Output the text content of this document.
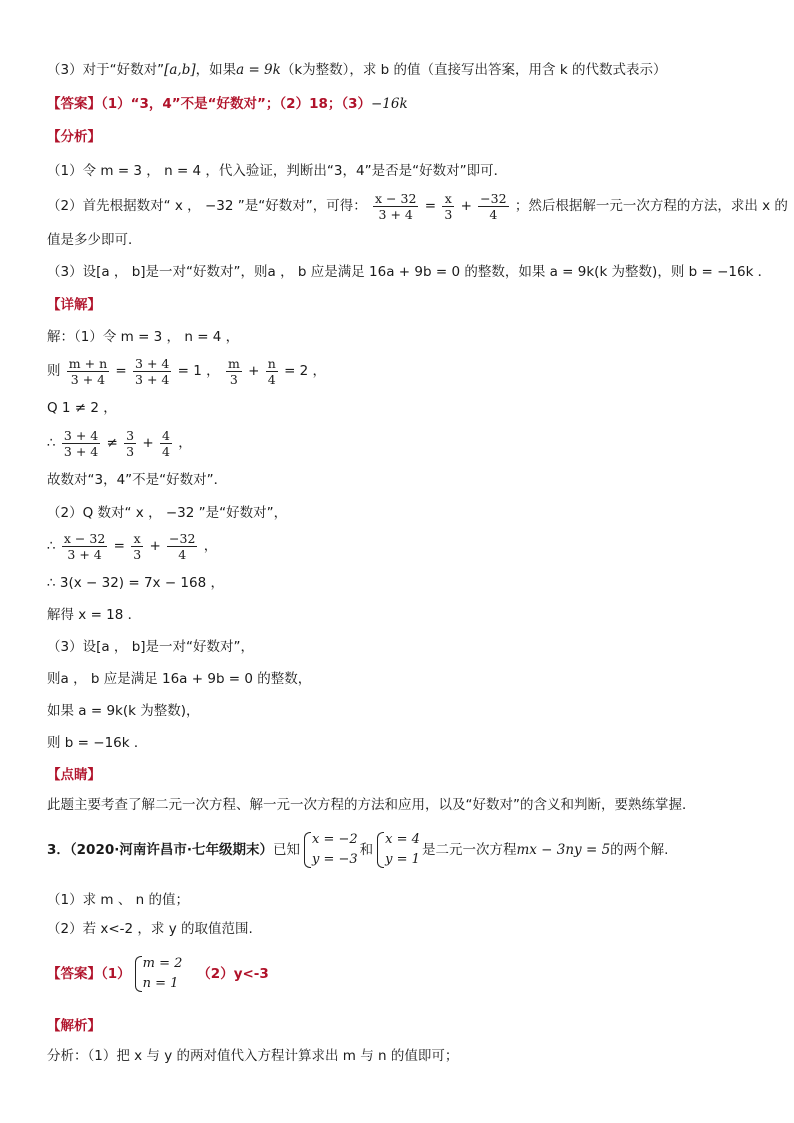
（3）对于“好数对”[a,b]，如果a = 9k（k为整数），求 b 的值（直接写出答案，用含 k 的代数式表示）
【答案】（1）“3，4”不是“好数对”；（2）18；（3）−16k
【分析】
（1）令 m = 3 ， n = 4 ，代入验证，判断出“3，4”是否是“好数对”即可．
（2）首先根据数对“ x ， −32 ”是“好数对”，可得： $\frac{x - 32}{3 + 4} = \frac{x}{3} + \frac{-32}{4}$ ；然后根据解一元一次方程的方法，求出 x 的
值是多少即可．
（3）设[a ， b]是一对“好数对”，则a ， b 应是满足 16a + 9b = 0 的整数，如果 a = 9k(k 为整数)，则 b = −16k ．
【详解】
解：（1）令 m = 3 ， n = 4 ，
则 $\frac{m + n}{3 + 4} = \frac{3 + 4}{3 + 4} = 1$ ， $\frac{m}{3} + \frac{n}{4} = 2$ ，
Q 1 ≠ 2 ，
∴ $\frac{3 + 4}{3 + 4} \ne \frac{3}{3} + \frac{4}{4}$ ，
故数对“3，4”不是“好数对”．
（2）Q 数对“ x ， −32 ”是“好数对”，
∴ $\frac{x - 32}{3 + 4} = \frac{x}{3} + \frac{-32}{4}$ ，
∴ 3(x − 32) = 7x − 168 ，
解得 x = 18 ．
（3）设[a ， b]是一对“好数对”，
则a ， b 应是满足 16a + 9b = 0 的整数，
如果 a = 9k(k 为整数)，
则 b = −16k ．
【点睛】
此题主要考查了解二元一次方程、解一元一次方程的方法和应用，以及“好数对”的含义和判断，要熟练掌握．
3．（2020·河南许昌市·七年级期末）已知
x = −2
y = −3
和
x = 4
y = 1
是二元一次方程mx − 3ny = 5的两个解.
（1）求 m 、 n 的值；
（2）若 x<-2 ，求 y 的取值范围.
【答案】（1）
m = 2
n = 1
（2）y<-3
【解析】
分析：（1）把 x 与 y 的两对值代入方程计算求出 m 与 n 的值即可；
